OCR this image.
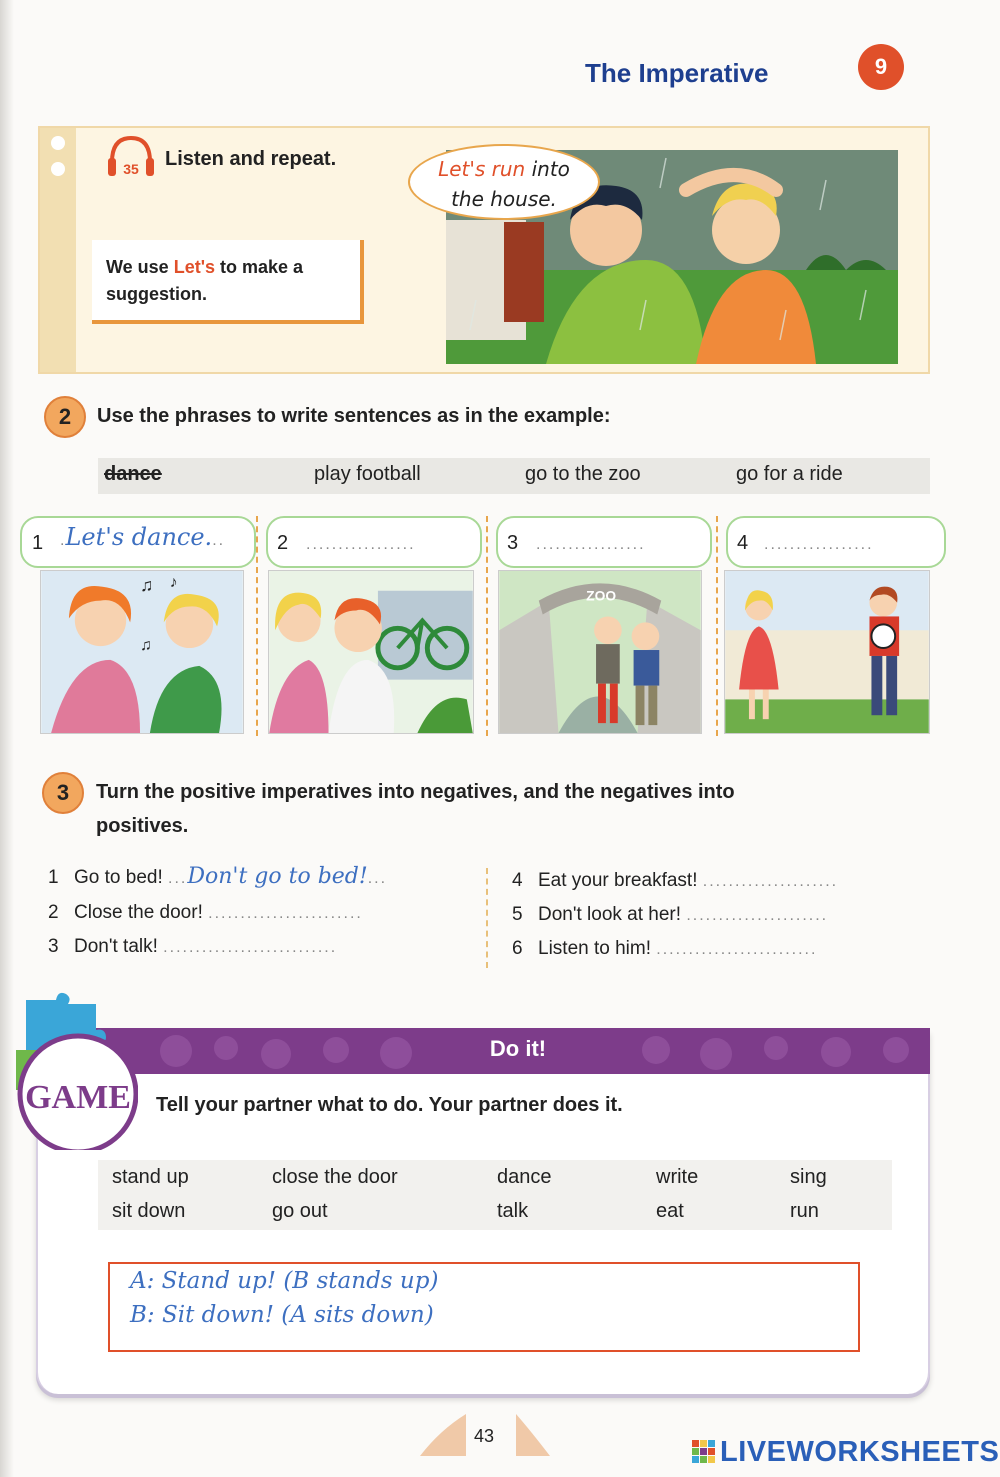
The Imperative	9
35 Listen and repeat.
We use Let's to make a suggestion.
Let's run into
the house.
2	Use the phrases to write sentences as in the example:
dance	play football	go to the zoo	go for a ride
1 .Let's dance...
♫ ♪
♫
2 .................	3 .................
ZOO
4 .................
3	Turn the positive imperatives into negatives, and the negatives into
positives.
1 Go to bed! ...Don't go to bed!...
2 Close the door! ........................
3 Don't talk! ...........................
4 Eat your breakfast! .....................
5 Don't look at her! ......................
6 Listen to him! .........................
Do it!
GAME Tell your partner what to do. Your partner does it.
stand up	close the door	dance	write	sing
sit down	go out	talk	eat	run
A: Stand up! (B stands up)
B: Sit down! (A sits down)
43	LIVEWORKSHEETS
